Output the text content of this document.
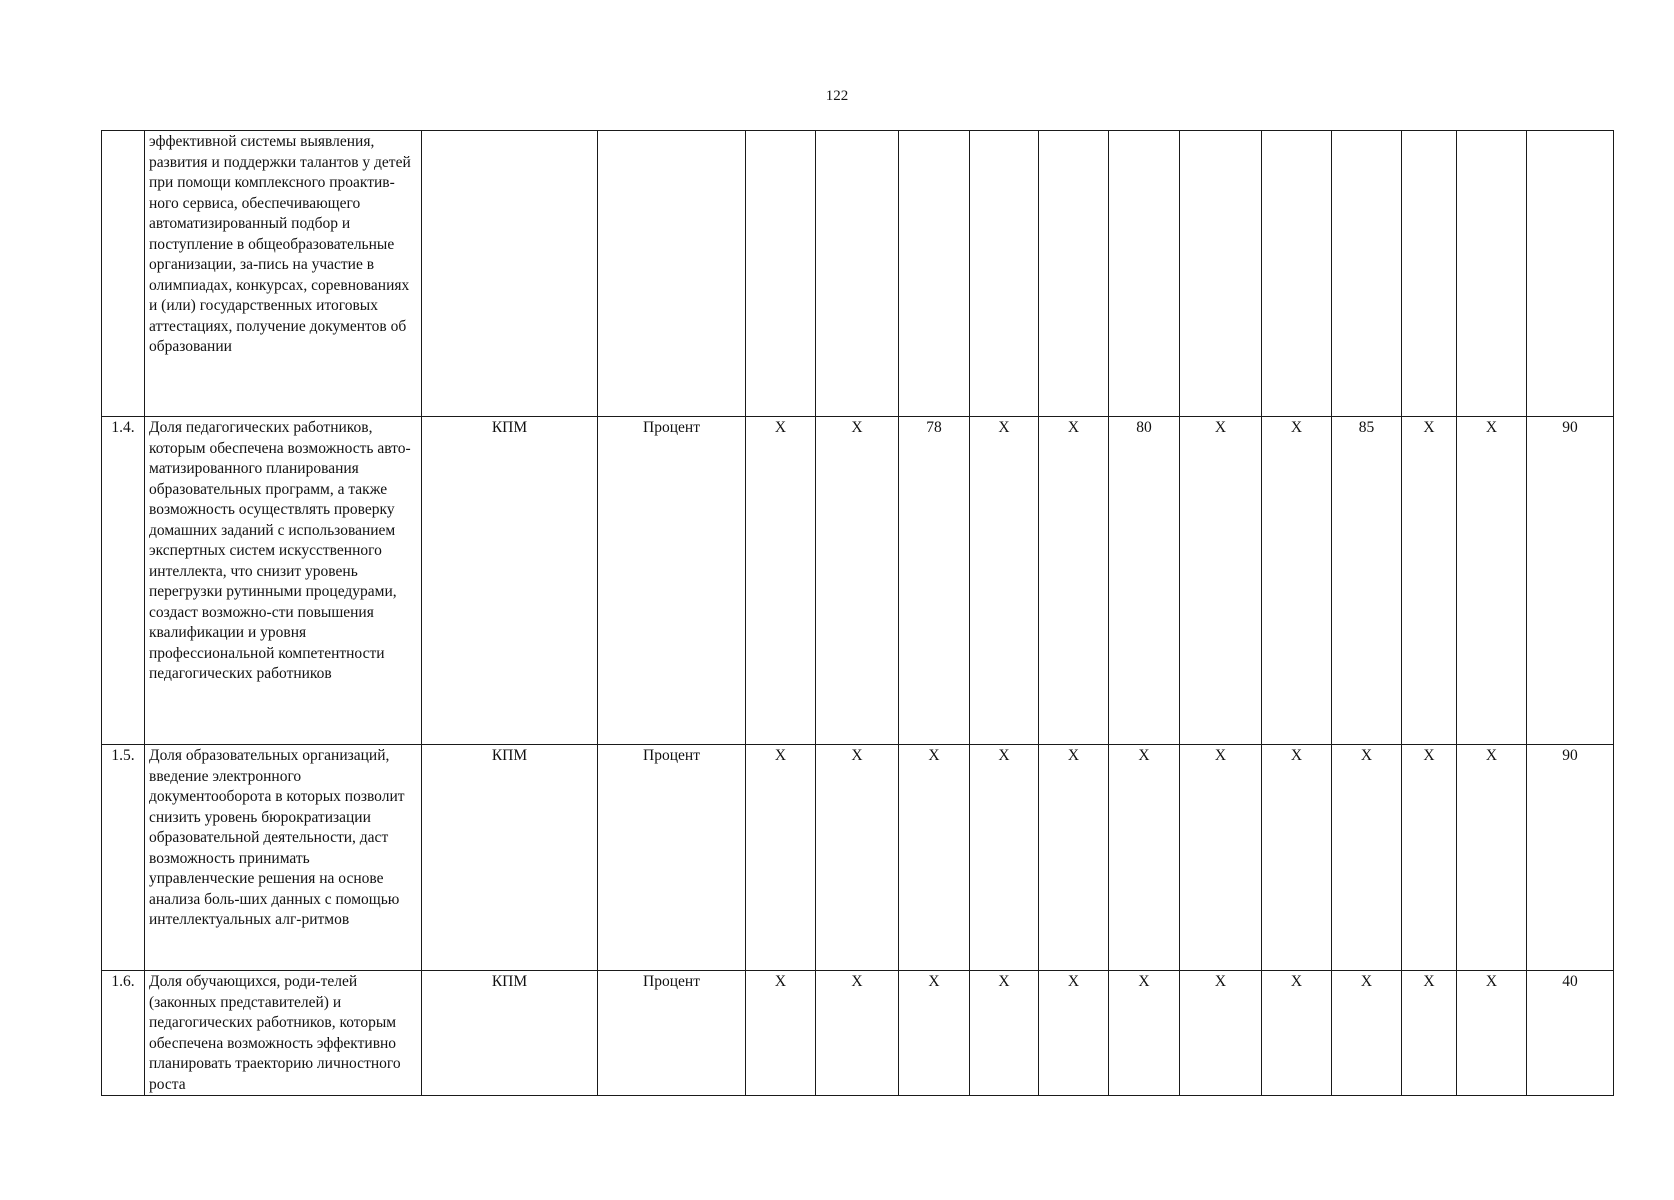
122
	эффективной системы выявления, развития и поддержки талантов у детей при помощи комплексного проактив-ного сервиса, обеспечивающего автоматизированный подбор и поступление в общеобразовательные организации, за-пись на участие в олимпиадах, конкурсах, соревнованиях и (или) государственных итоговых аттестациях, получение документов об образовании														
1.4.	Доля педагогических работников, которым обеспечена возможность авто-матизированного планирования образовательных программ, а также возможность осуществлять проверку домашних заданий с использованием экспертных систем искусственного интеллекта, что снизит уровень перегрузки рутинными процедурами, создаст возможно-сти повышения квалификации и уровня профессиональной компетентности педагогических работников	КПМ	Процент	Х	Х	78	Х	Х	80	Х	Х	85	Х	Х	90
1.5.	Доля образовательных организаций, введение электронного документооборота в которых позволит снизить уровень бюрократизации образовательной деятельности, даст возможность принимать управленческие решения на основе анализа боль-ших данных с помощью интеллектуальных алг-ритмов	КПМ	Процент	Х	Х	Х	Х	Х	Х	Х	Х	Х	Х	Х	90
1.6.	Доля обучающихся, роди-телей (законных представителей) и педагогических работников, которым обеспечена возможность эффективно планировать траекторию личностного роста	КПМ	Процент	Х	Х	Х	Х	Х	Х	Х	Х	Х	Х	Х	40
